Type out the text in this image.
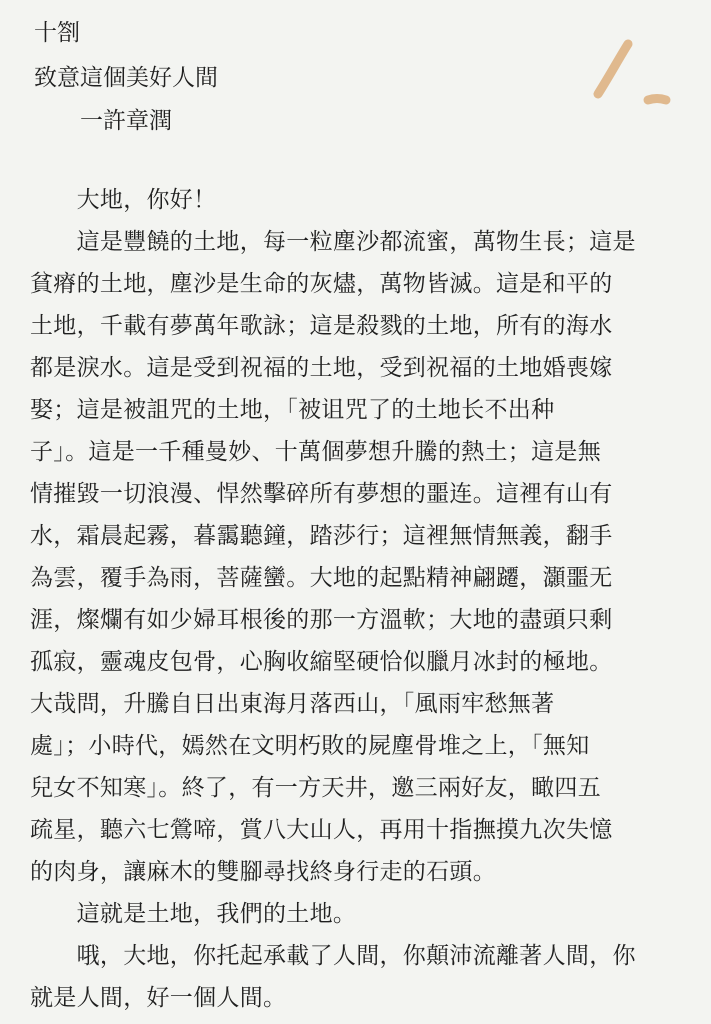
十劄
致意這個美好人間
一許章潤
　　大地，你好！
　　這是豐饒的土地，每一粒塵沙都流蜜，萬物生長；這是
貧瘠的土地，塵沙是生命的灰燼，萬物皆滅。這是和平的
土地，千載有夢萬年歌詠；這是殺戮的土地，所有的海水
都是淚水。這是受到祝福的土地，受到祝福的土地婚喪嫁
娶；這是被詛咒的土地，「被诅咒了的土地长不出种
子」。這是一千種曼妙、十萬個夢想升騰的熱土；這是無
情摧毀一切浪漫、悍然擊碎所有夢想的噩连。這裡有山有
水，霜晨起霧，暮靄聽鐘，踏莎行；這裡無情無義，翻手
為雲，覆手為雨，菩薩蠻。大地的起點精神翩躚，灝噩无
涯，燦爛有如少婦耳根後的那一方溫軟；大地的盡頭只剩
孤寂，靈魂皮包骨，心胸收縮堅硬恰似臘月冰封的極地。
大哉問，升騰自日出東海月落西山，「風雨牢愁無著
處」；小時代，嫣然在文明朽敗的屍塵骨堆之上，「無知
兒女不知寒」。終了，有一方天井，邀三兩好友，瞰四五
疏星，聽六七鶯啼，賞八大山人，再用十指撫摸九次失憶
的肉身，讓麻木的雙腳尋找終身行走的石頭。
　　這就是土地，我們的土地。
　　哦，大地，你托起承載了人間，你顛沛流離著人間，你
就是人間，好一個人間。
